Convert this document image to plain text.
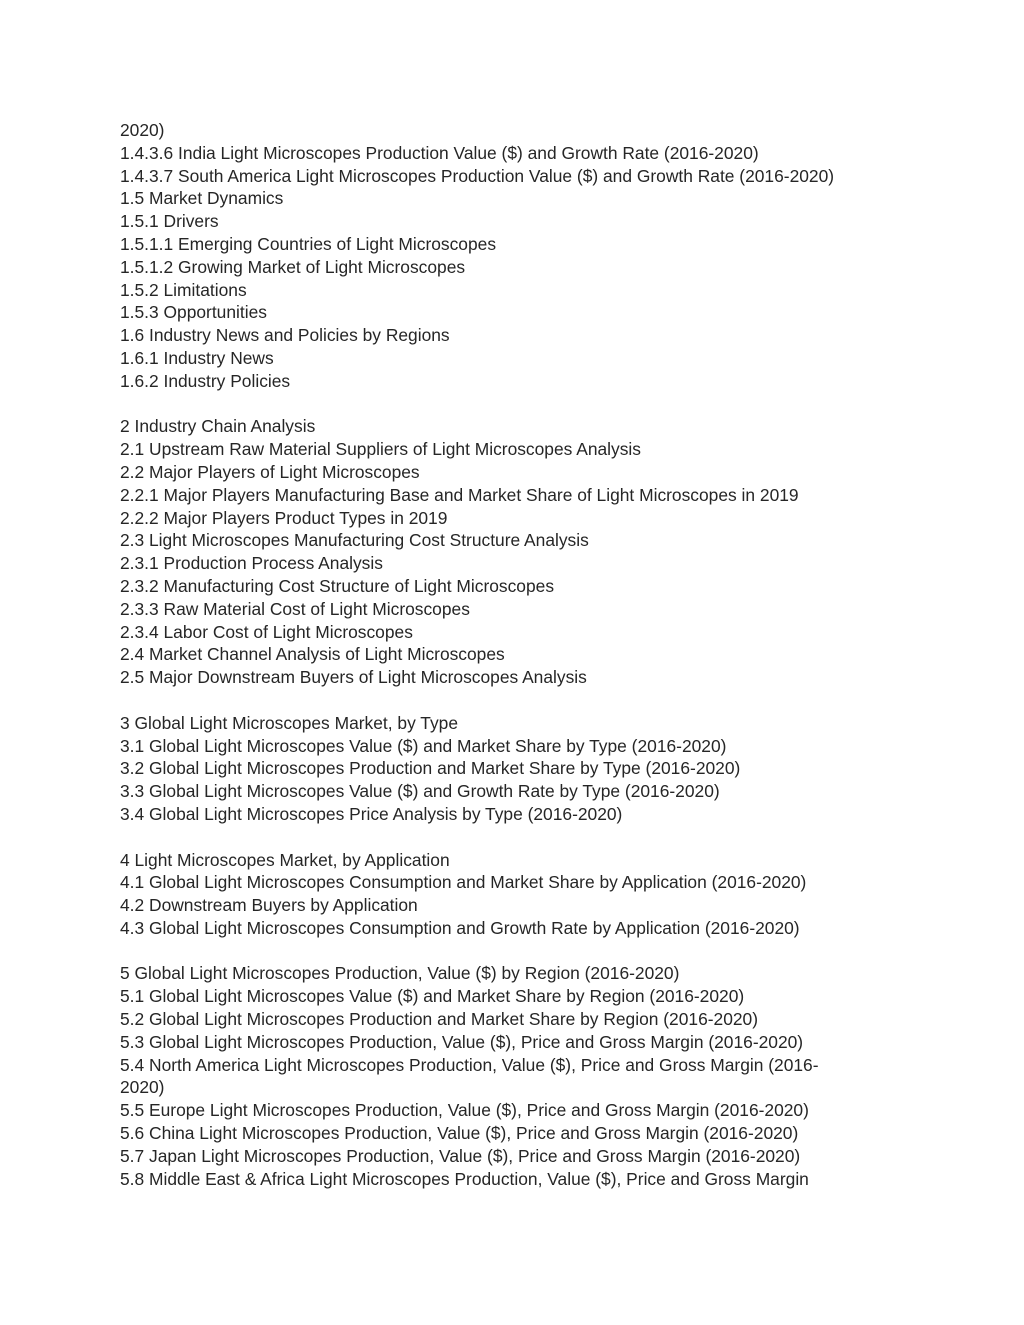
2020)
1.4.3.6 India Light Microscopes Production Value ($) and Growth Rate (2016-2020)
1.4.3.7 South America Light Microscopes Production Value ($) and Growth Rate (2016-2020)
1.5 Market Dynamics
1.5.1 Drivers
1.5.1.1 Emerging Countries of Light Microscopes
1.5.1.2 Growing Market of Light Microscopes
1.5.2 Limitations
1.5.3 Opportunities
1.6 Industry News and Policies by Regions
1.6.1 Industry News
1.6.2 Industry Policies
2 Industry Chain Analysis
2.1 Upstream Raw Material Suppliers of Light Microscopes Analysis
2.2 Major Players of Light Microscopes
2.2.1 Major Players Manufacturing Base and Market Share of Light Microscopes in 2019
2.2.2 Major Players Product Types in 2019
2.3 Light Microscopes Manufacturing Cost Structure Analysis
2.3.1 Production Process Analysis
2.3.2 Manufacturing Cost Structure of Light Microscopes
2.3.3 Raw Material Cost of Light Microscopes
2.3.4 Labor Cost of Light Microscopes
2.4 Market Channel Analysis of Light Microscopes
2.5 Major Downstream Buyers of Light Microscopes Analysis
3 Global Light Microscopes Market, by Type
3.1 Global Light Microscopes Value ($) and Market Share by Type (2016-2020)
3.2 Global Light Microscopes Production and Market Share by Type (2016-2020)
3.3 Global Light Microscopes Value ($) and Growth Rate by Type (2016-2020)
3.4 Global Light Microscopes Price Analysis by Type (2016-2020)
4 Light Microscopes Market, by Application
4.1 Global Light Microscopes Consumption and Market Share by Application (2016-2020)
4.2 Downstream Buyers by Application
4.3 Global Light Microscopes Consumption and Growth Rate by Application (2016-2020)
5 Global Light Microscopes Production, Value ($) by Region (2016-2020)
5.1 Global Light Microscopes Value ($) and Market Share by Region (2016-2020)
5.2 Global Light Microscopes Production and Market Share by Region (2016-2020)
5.3 Global Light Microscopes Production, Value ($), Price and Gross Margin (2016-2020)
5.4 North America Light Microscopes Production, Value ($), Price and Gross Margin (2016-
2020)
5.5 Europe Light Microscopes Production, Value ($), Price and Gross Margin (2016-2020)
5.6 China Light Microscopes Production, Value ($), Price and Gross Margin (2016-2020)
5.7 Japan Light Microscopes Production, Value ($), Price and Gross Margin (2016-2020)
5.8 Middle East & Africa Light Microscopes Production, Value ($), Price and Gross Margin
